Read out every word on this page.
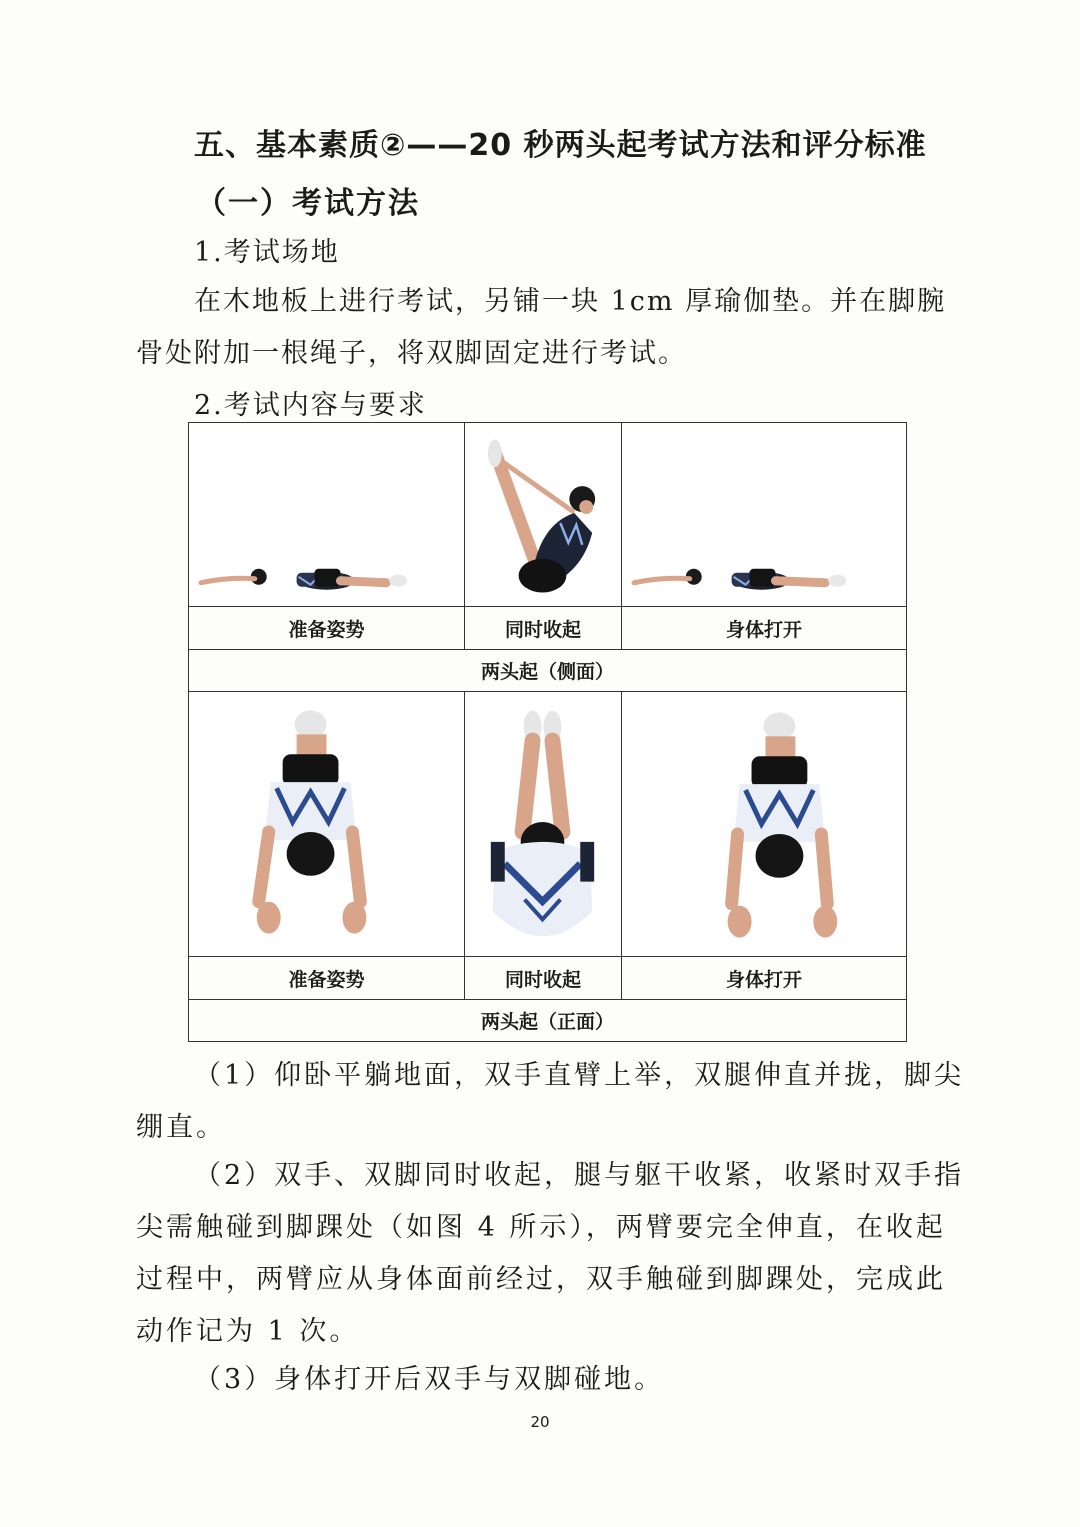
五、基本素质②——20 秒两头起考试方法和评分标准
（一）考试方法
1.考试场地
在木地板上进行考试，另铺一块 1cm 厚瑜伽垫。并在脚腕骨处附加一根绳子，将双脚固定进行考试。
2.考试内容与要求

准备姿势	同时收起	身体打开
两头起（侧面）		

准备姿势	同时收起	身体打开
两头起（正面）		
（1）仰卧平躺地面，双手直臂上举，双腿伸直并拢，脚尖绷直。
（2）双手、双脚同时收起，腿与躯干收紧，收紧时双手指尖需触碰到脚踝处（如图 4 所示），两臂要完全伸直，在收起过程中，两臂应从身体面前经过，双手触碰到脚踝处，完成此动作记为 1 次。
（3）身体打开后双手与双脚碰地。
20
